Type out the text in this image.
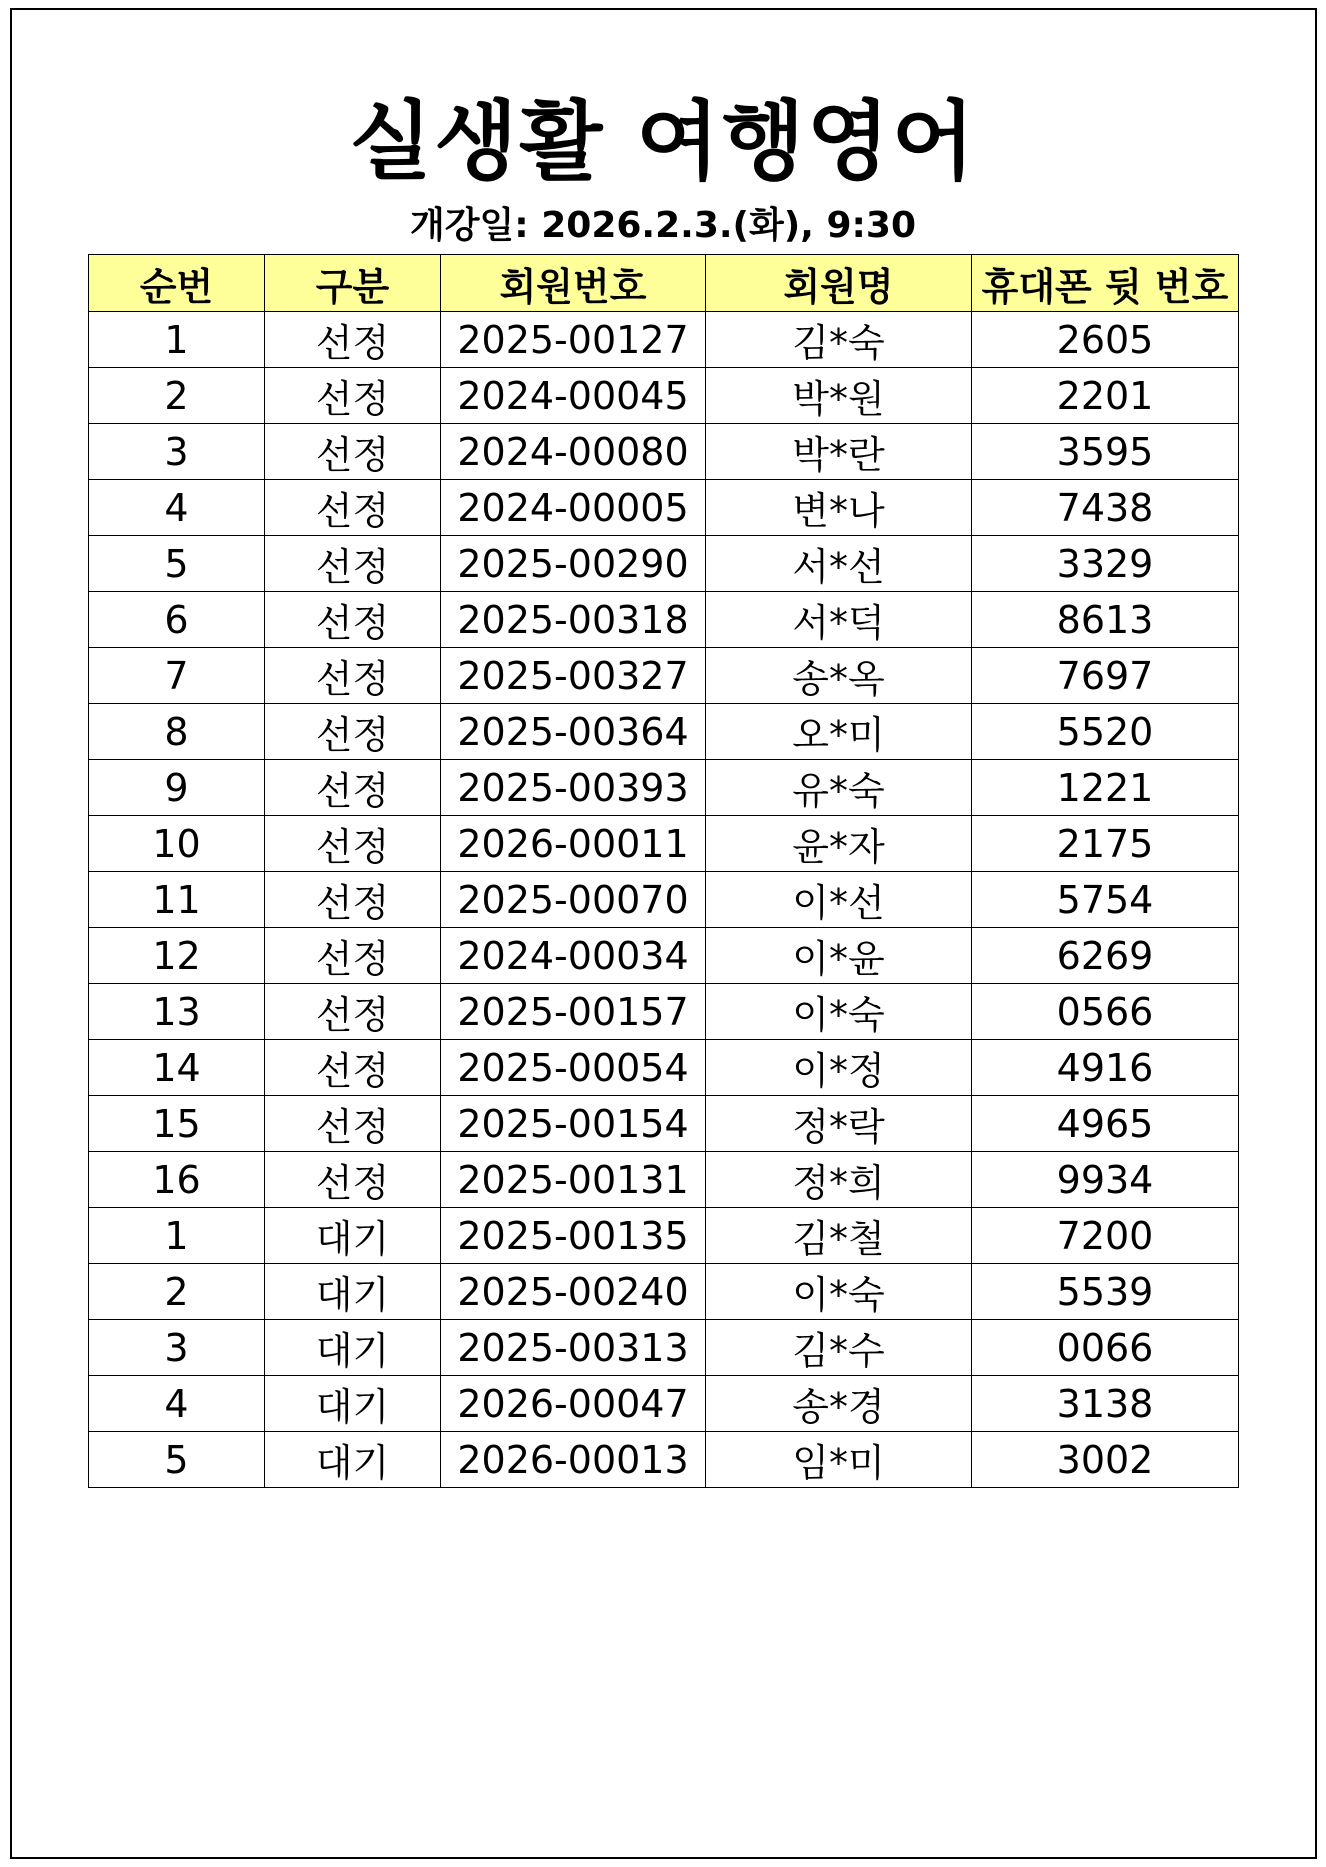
실생활 여행영어
개강일: 2026.2.3.(화), 9:30
순번	구분	회원번호	회원명	휴대폰 뒷 번호
1	선정	2025-00127	김*숙	2605
2	선정	2024-00045	박*원	2201
3	선정	2024-00080	박*란	3595
4	선정	2024-00005	변*나	7438
5	선정	2025-00290	서*선	3329
6	선정	2025-00318	서*덕	8613
7	선정	2025-00327	송*옥	7697
8	선정	2025-00364	오*미	5520
9	선정	2025-00393	유*숙	1221
10	선정	2026-00011	윤*자	2175
11	선정	2025-00070	이*선	5754
12	선정	2024-00034	이*윤	6269
13	선정	2025-00157	이*숙	0566
14	선정	2025-00054	이*정	4916
15	선정	2025-00154	정*락	4965
16	선정	2025-00131	정*희	9934
1	대기	2025-00135	김*철	7200
2	대기	2025-00240	이*숙	5539
3	대기	2025-00313	김*수	0066
4	대기	2026-00047	송*경	3138
5	대기	2026-00013	임*미	3002
